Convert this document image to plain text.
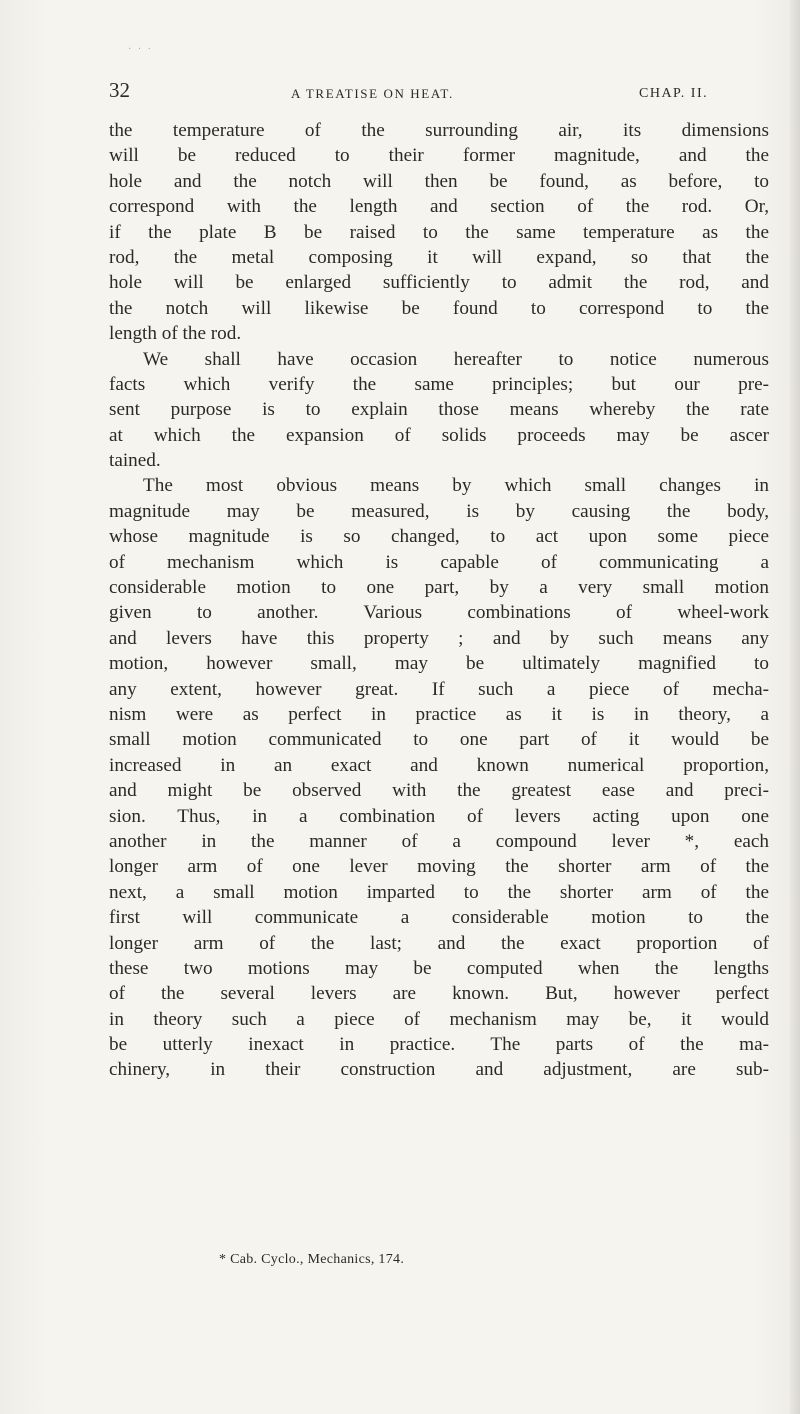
· · ·
32	A TREATISE ON HEAT.	CHAP. II.
the temperature of the surrounding air, its dimensions
will be reduced to their former magnitude, and the
hole and the notch will then be found, as before, to
correspond with the length and section of the rod. Or,
if the plate B be raised to the same temperature as the
rod, the metal composing it will expand, so that the
hole will be enlarged sufficiently to admit the rod, and
the notch will likewise be found to correspond to the
length of the rod.
We shall have occasion hereafter to notice numerous
facts which verify the same principles; but our pre-
sent purpose is to explain those means whereby the rate
at which the expansion of solids proceeds may be ascer
tained.
The most obvious means by which small changes in
magnitude may be measured, is by causing the body,
whose magnitude is so changed, to act upon some piece
of mechanism which is capable of communicating a
considerable motion to one part, by a very small motion
given to another. Various combinations of wheel-work
and levers have this property ; and by such means any
motion, however small, may be ultimately magnified to
any extent, however great. If such a piece of mecha-
nism were as perfect in practice as it is in theory, a
small motion communicated to one part of it would be
increased in an exact and known numerical proportion,
and might be observed with the greatest ease and preci-
sion. Thus, in a combination of levers acting upon one
another in the manner of a compound lever *, each
longer arm of one lever moving the shorter arm of the
next, a small motion imparted to the shorter arm of the
first will communicate a considerable motion to the
longer arm of the last; and the exact proportion of
these two motions may be computed when the lengths
of the several levers are known. But, however perfect
in theory such a piece of mechanism may be, it would
be utterly inexact in practice. The parts of the ma-
chinery, in their construction and adjustment, are sub-
* Cab. Cyclo., Mechanics, 174.
